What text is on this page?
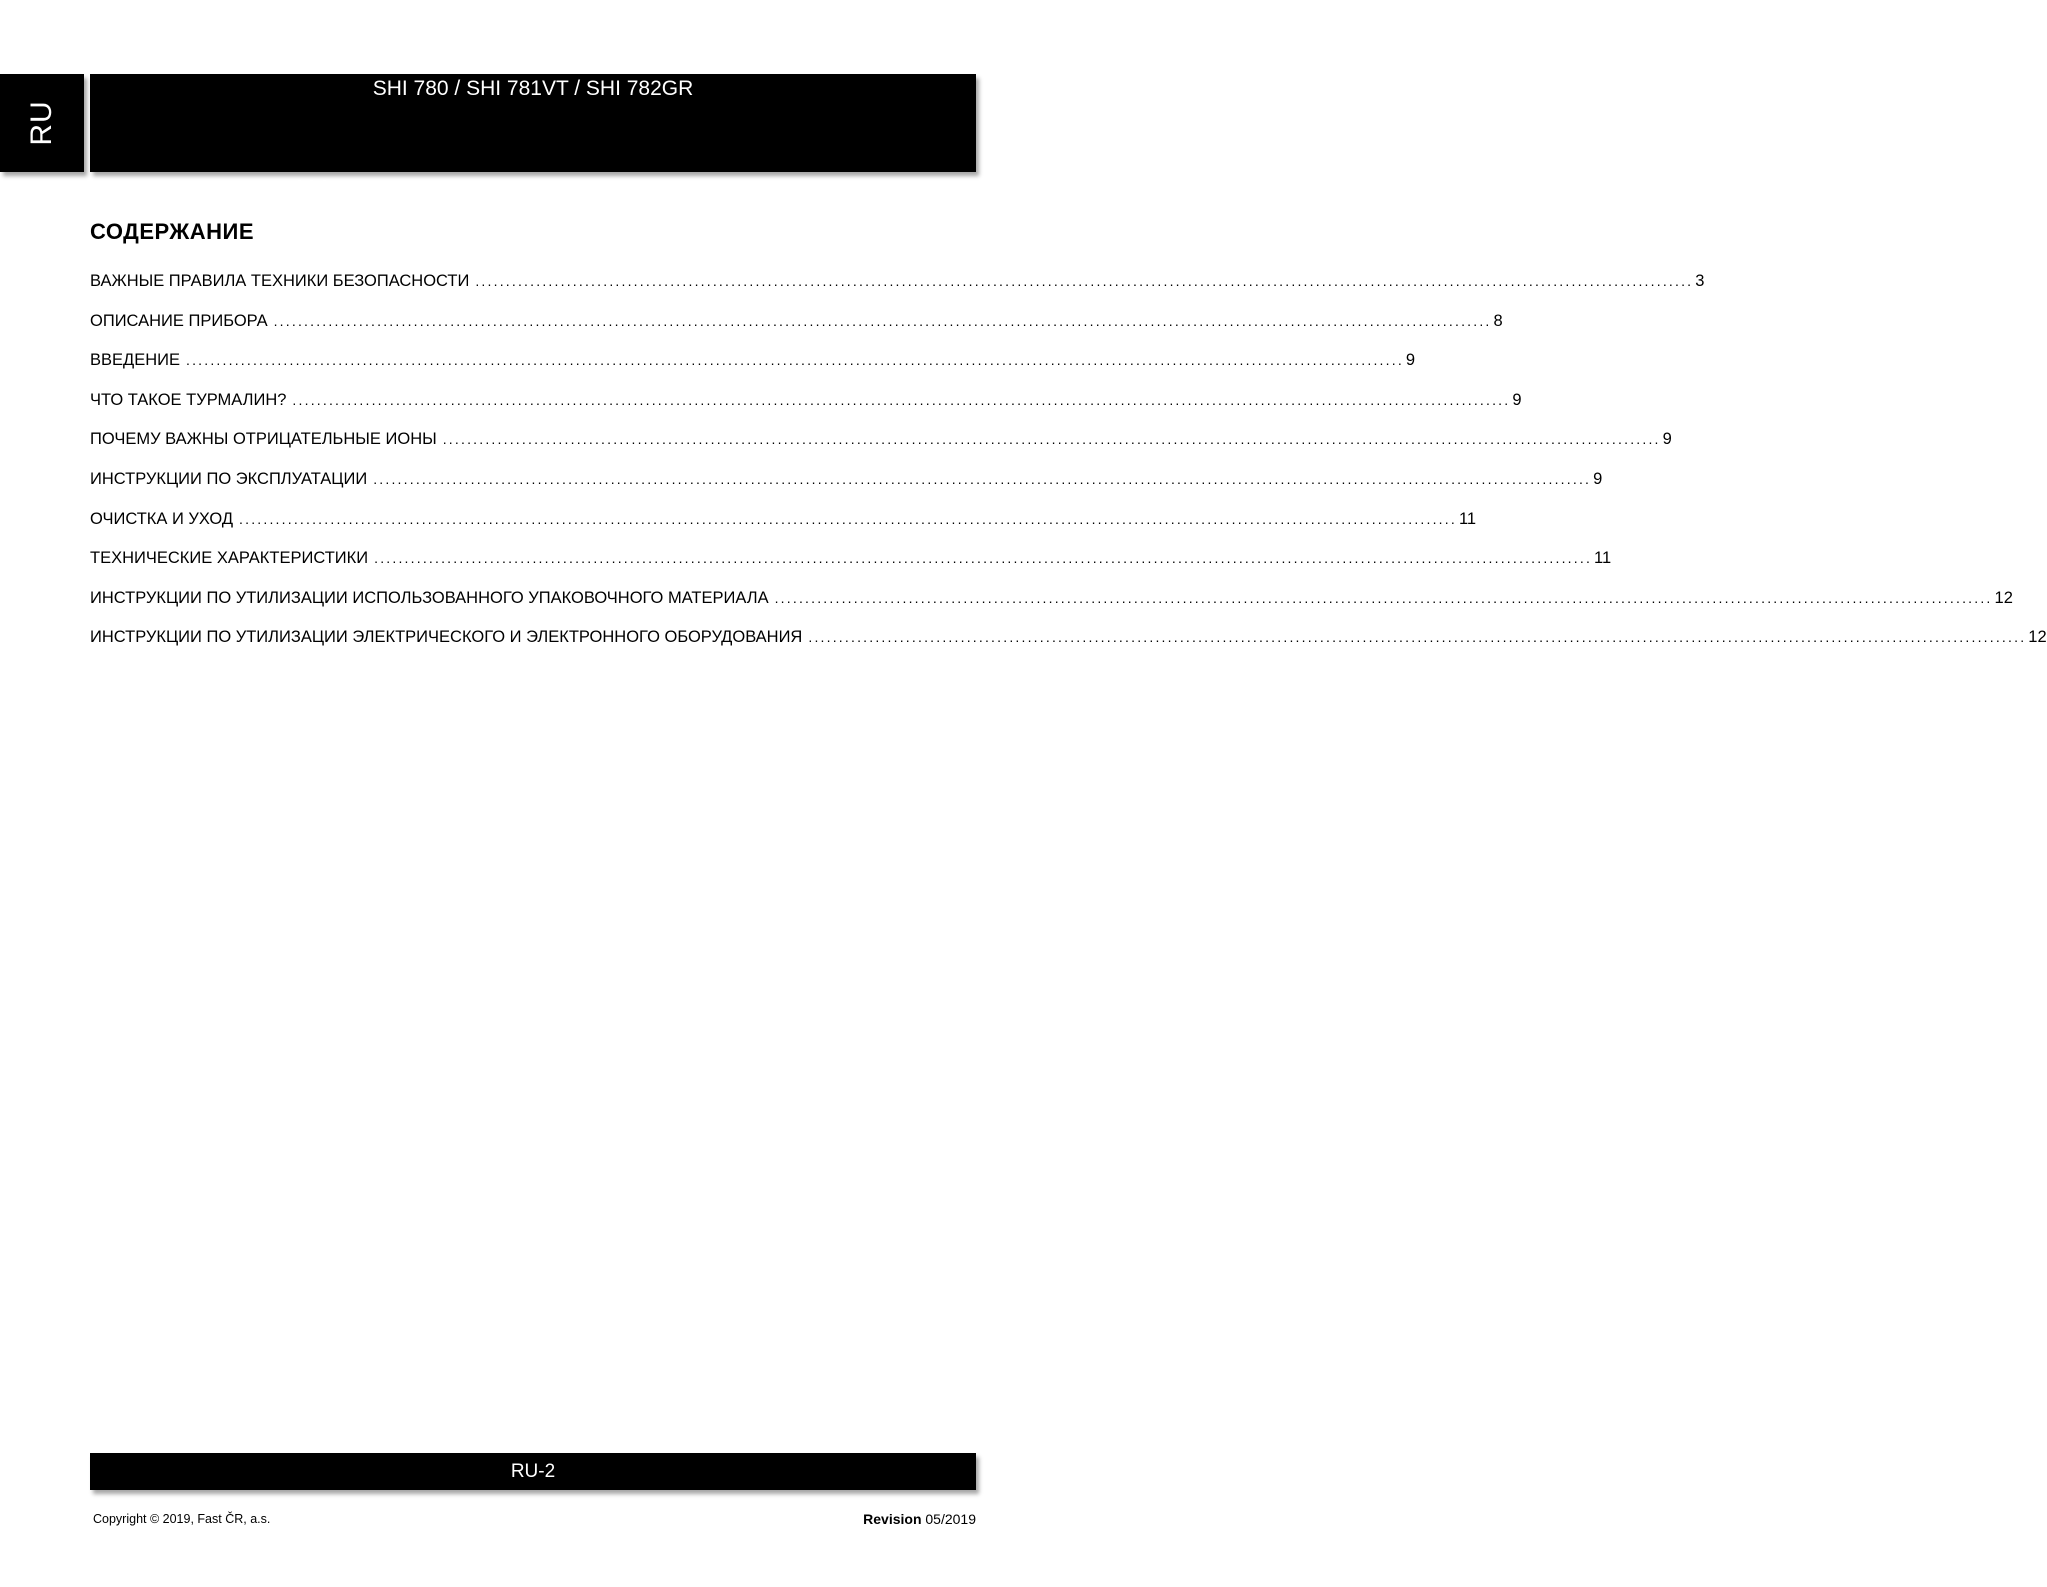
RU
Щипцы для укладки волос
SHI 780 / SHI 781VT / SHI 782GR
СОДЕРЖАНИЕ
ВАЖНЫЕ ПРАВИЛА ТЕХНИКИ БЕЗОПАСНОСТИ ........................................................................................................................................................................................................ 3
ОПИСАНИЕ ПРИБОРА ........................................................................................................................................................................................................ 8
ВВЕДЕНИЕ ........................................................................................................................................................................................................ 9
ЧТО ТАКОЕ ТУРМАЛИН? ........................................................................................................................................................................................................ 9
ПОЧЕМУ ВАЖНЫ ОТРИЦАТЕЛЬНЫЕ ИОНЫ ........................................................................................................................................................................................................ 9
ИНСТРУКЦИИ ПО ЭКСПЛУАТАЦИИ ........................................................................................................................................................................................................ 9
ОЧИСТКА И УХОД ........................................................................................................................................................................................................ 11
ТЕХНИЧЕСКИЕ ХАРАКТЕРИСТИКИ ........................................................................................................................................................................................................ 11
ИНСТРУКЦИИ ПО УТИЛИЗАЦИИ ИСПОЛЬЗОВАННОГО УПАКОВОЧНОГО МАТЕРИАЛА ........................................................................................................................................................................................................ 12
ИНСТРУКЦИИ ПО УТИЛИЗАЦИИ ЭЛЕКТРИЧЕСКОГО И ЭЛЕКТРОННОГО ОБОРУДОВАНИЯ ........................................................................................................................................................................................................ 12
RU-2
Copyright © 2019, Fast ČR, a.s.	Revision 05/2019
